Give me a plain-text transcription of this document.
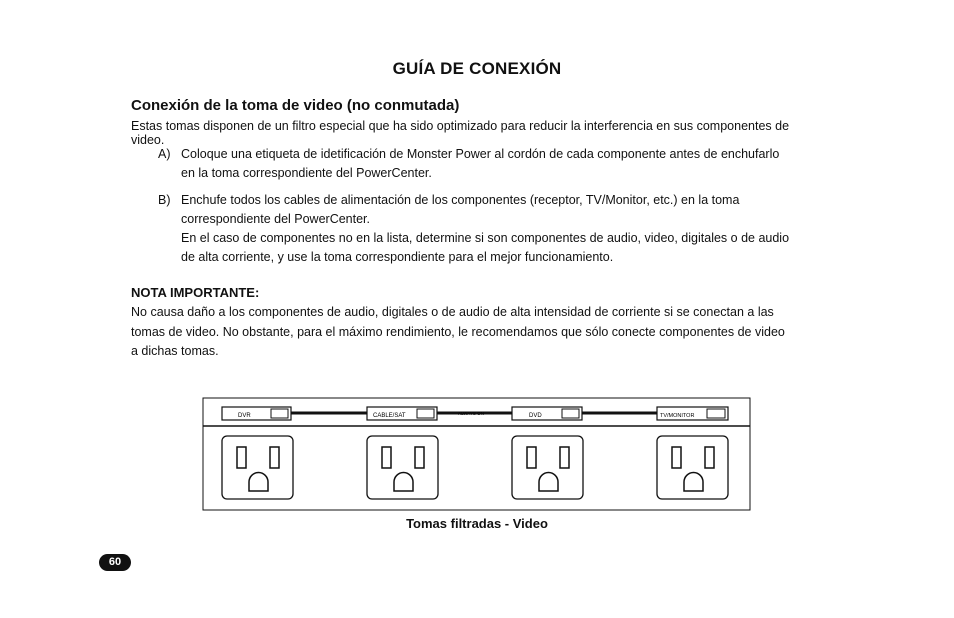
GUÍA DE CONEXIÓN
Conexión de la toma de video (no conmutada)
Estas tomas disponen de un filtro especial que ha sido optimizado para reducir la interferencia en sus componentes de video.
A) Coloque una etiqueta de idetificación de Monster Power al cordón de cada componente antes de enchufarlo
en la toma correspondiente del PowerCenter.
B) Enchufe todos los cables de alimentación de los componentes (receptor, TV/Monitor, etc.) en la toma
correspondiente del PowerCenter.
En el caso de componentes no en la lista, determine si son componentes de audio, video, digitales o de audio
de alta corriente, y use la toma correspondiente para el mejor funcionamiento.
NOTA IMPORTANTE:
No causa daño a los componentes de audio, digitales o de audio de alta intensidad de corriente si se conectan a las
tomas de video. No obstante, para el máximo rendimiento, le recomendamos que sólo conecte componentes de video
a dichas tomas.
DVR	CABLE/SAT	ALWAYS ON	DVD	TV/MONITOR
Tomas filtradas - Video
60
